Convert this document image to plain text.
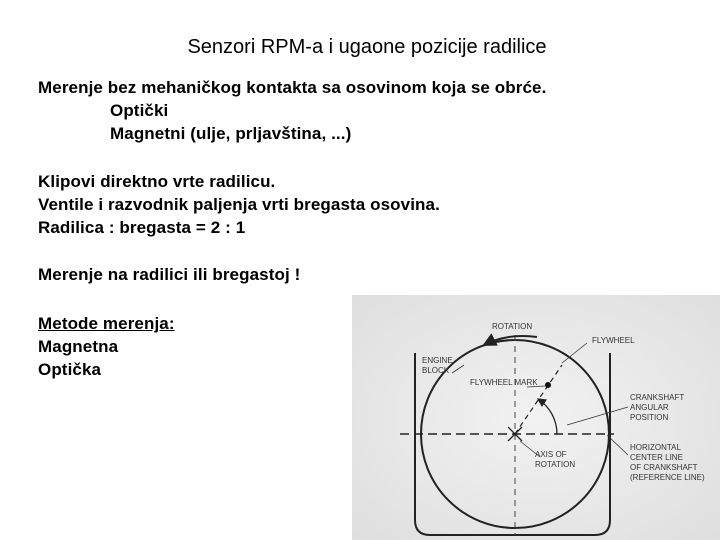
Senzori RPM-a i ugaone pozicije radilice
Merenje bez mehaničkog kontakta sa osovinom koja se obrće.
Optički
Magnetni (ulje, prljavština, ...)
Klipovi direktno vrte radilicu.
Ventile i razvodnik paljenja vrti bregasta osovina.
Radilica : bregasta = 2 : 1
Merenje na radilici ili bregastoj !
Metode merenja:
Magnetna
Optička
ROTATION
FLYWHEEL
ENGINE
BLOCK
FLYWHEEL MARK
CRANKSHAFT
ANGULAR
POSITION
HORIZONTAL
CENTER LINE
OF CRANKSHAFT
(REFERENCE LINE)
AXIS OF
ROTATION
